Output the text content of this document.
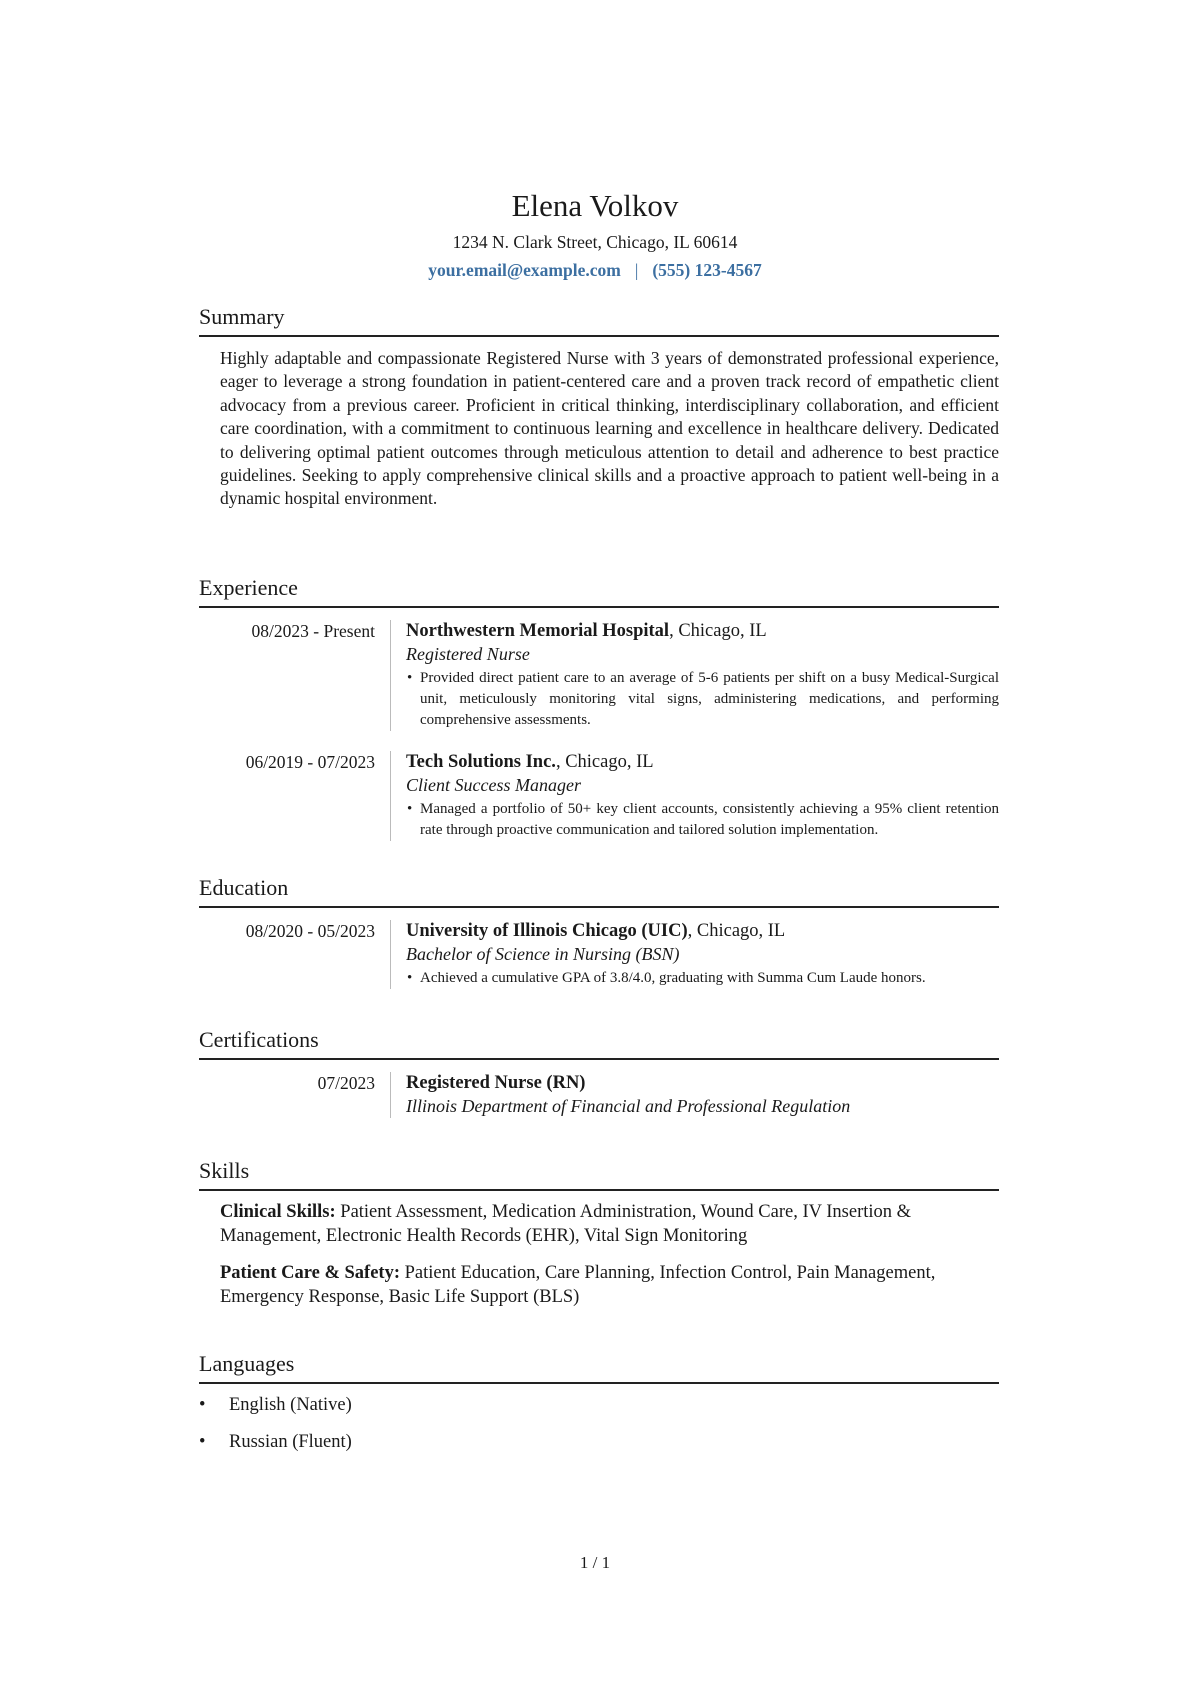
Elena Volkov
1234 N. Clark Street, Chicago, IL 60614
your.email@example.com | (555) 123-4567
Summary

Highly adaptable and compassionate Registered Nurse with 3 years of demonstrated professional experience, eager to leverage a strong foundation in patient-centered care and a proven track record of empathetic client advocacy from a previous career. Proficient in critical thinking, interdisciplinary collaboration, and efficient care coordination, with a commitment to continuous learning and excellence in healthcare delivery. Dedicated to delivering optimal patient outcomes through meticulous attention to detail and adherence to best practice guidelines. Seeking to apply comprehensive clinical skills and a proactive approach to patient well-being in a dynamic hospital environment.

Experience
08/2023 - Present	Northwestern Memorial Hospital, Chicago, IL
Registered Nurse
• Provided direct patient care to an average of 5-6 patients per shift on a busy Medical-Surgical unit, meticulously monitoring vital signs, administering medications, and performing comprehensive assessments.
06/2019 - 07/2023	Tech Solutions Inc., Chicago, IL
Client Success Manager
• Managed a portfolio of 50+ key client accounts, consistently achieving a 95% client retention rate through proactive communication and tailored solution implementation.
Education
08/2020 - 05/2023	University of Illinois Chicago (UIC), Chicago, IL
Bachelor of Science in Nursing (BSN)
• Achieved a cumulative GPA of 3.8/4.0, graduating with Summa Cum Laude honors.
Certifications
07/2023	Registered Nurse (RN)
Illinois Department of Financial and Professional Regulation
Skills
Clinical Skills: Patient Assessment, Medication Administration, Wound Care, IV Insertion & Management, Electronic Health Records (EHR), Vital Sign Monitoring
Patient Care & Safety: Patient Education, Care Planning, Infection Control, Pain Management, Emergency Response, Basic Life Support (BLS)
Languages
• English (Native)
• Russian (Fluent)
1 / 1
